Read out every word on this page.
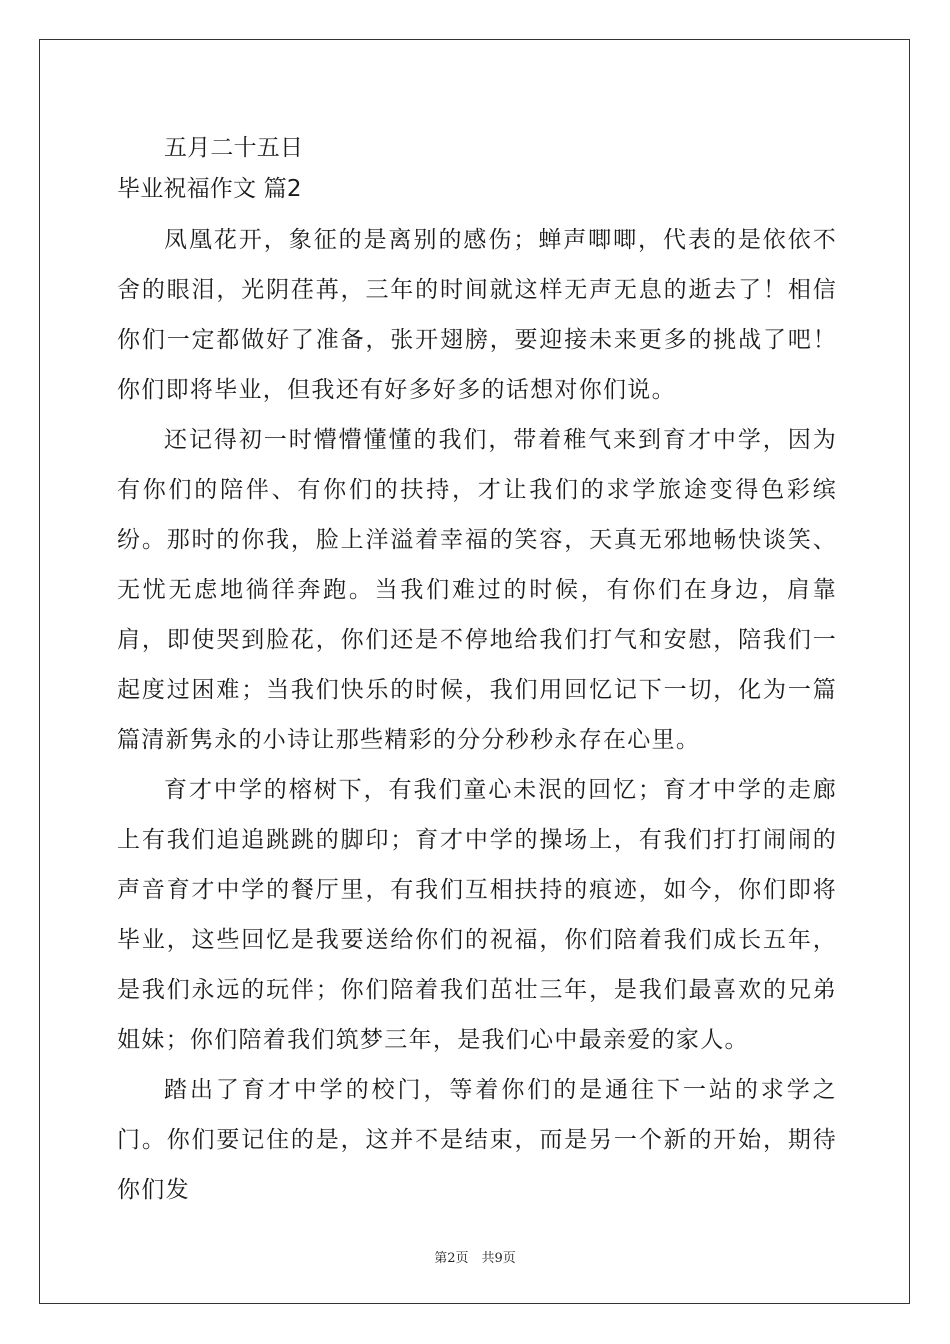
五月二十五日
毕业祝福作文 篇2

凤凰花开，象征的是离别的感伤；蝉声唧唧，代表的是依依不舍的眼泪，光阴荏苒，三年的时间就这样无声无息的逝去了！相信你们一定都做好了准备，张开翅膀，要迎接未来更多的挑战了吧！你们即将毕业，但我还有好多好多的话想对你们说。

还记得初一时懵懵懂懂的我们，带着稚气来到育才中学，因为有你们的陪伴、有你们的扶持，才让我们的求学旅途变得色彩缤纷。那时的你我，脸上洋溢着幸福的笑容，天真无邪地畅快谈笑、无忧无虑地徜徉奔跑。当我们难过的时候，有你们在身边，肩靠肩，即使哭到脸花，你们还是不停地给我们打气和安慰，陪我们一起度过困难；当我们快乐的时候，我们用回忆记下一切，化为一篇篇清新隽永的小诗让那些精彩的分分秒秒永存在心里。

育才中学的榕树下，有我们童心未泯的回忆；育才中学的走廊上有我们追追跳跳的脚印；育才中学的操场上，有我们打打闹闹的声音育才中学的餐厅里，有我们互相扶持的痕迹，如今，你们即将毕业，这些回忆是我要送给你们的祝福，你们陪着我们成长五年，是我们永远的玩伴；你们陪着我们茁壮三年，是我们最喜欢的兄弟姐妹；你们陪着我们筑梦三年，是我们心中最亲爱的家人。

踏出了育才中学的校门，等着你们的是通往下一站的求学之门。你们要记住的是，这并不是结束，而是另一个新的开始，期待你们发

第2页　共9页
